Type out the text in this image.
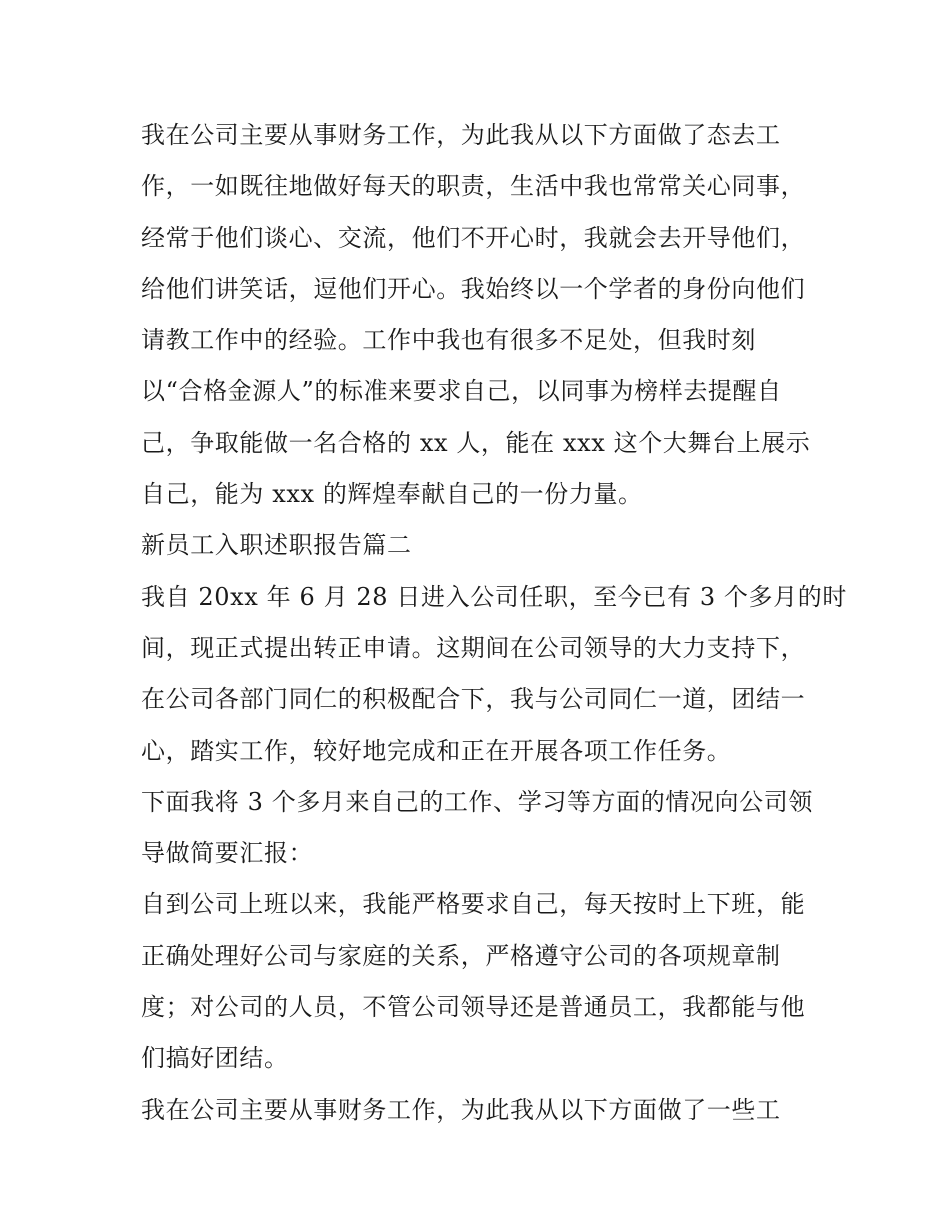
我在公司主要从事财务工作，为此我从以下方面做了态去工
作，一如既往地做好每天的职责，生活中我也常常关心同事，
经常于他们谈心、交流，他们不开心时，我就会去开导他们，
给他们讲笑话，逗他们开心。我始终以一个学者的身份向他们
请教工作中的经验。工作中我也有很多不足处，但我时刻
以“合格金源人”的标准来要求自己，以同事为榜样去提醒自
己，争取能做一名合格的 xx 人，能在 xxx 这个大舞台上展示
自己，能为 xxx 的辉煌奉献自己的一份力量。
新员工入职述职报告篇二
我自 20xx 年 6 月 28 日进入公司任职，至今已有 3 个多月的时
间，现正式提出转正申请。这期间在公司领导的大力支持下，
在公司各部门同仁的积极配合下，我与公司同仁一道，团结一
心，踏实工作，较好地完成和正在开展各项工作任务。
下面我将 3 个多月来自己的工作、学习等方面的情况向公司领
导做简要汇报：
自到公司上班以来，我能严格要求自己，每天按时上下班，能
正确处理好公司与家庭的关系，严格遵守公司的各项规章制
度；对公司的人员，不管公司领导还是普通员工，我都能与他
们搞好团结。
我在公司主要从事财务工作，为此我从以下方面做了一些工
